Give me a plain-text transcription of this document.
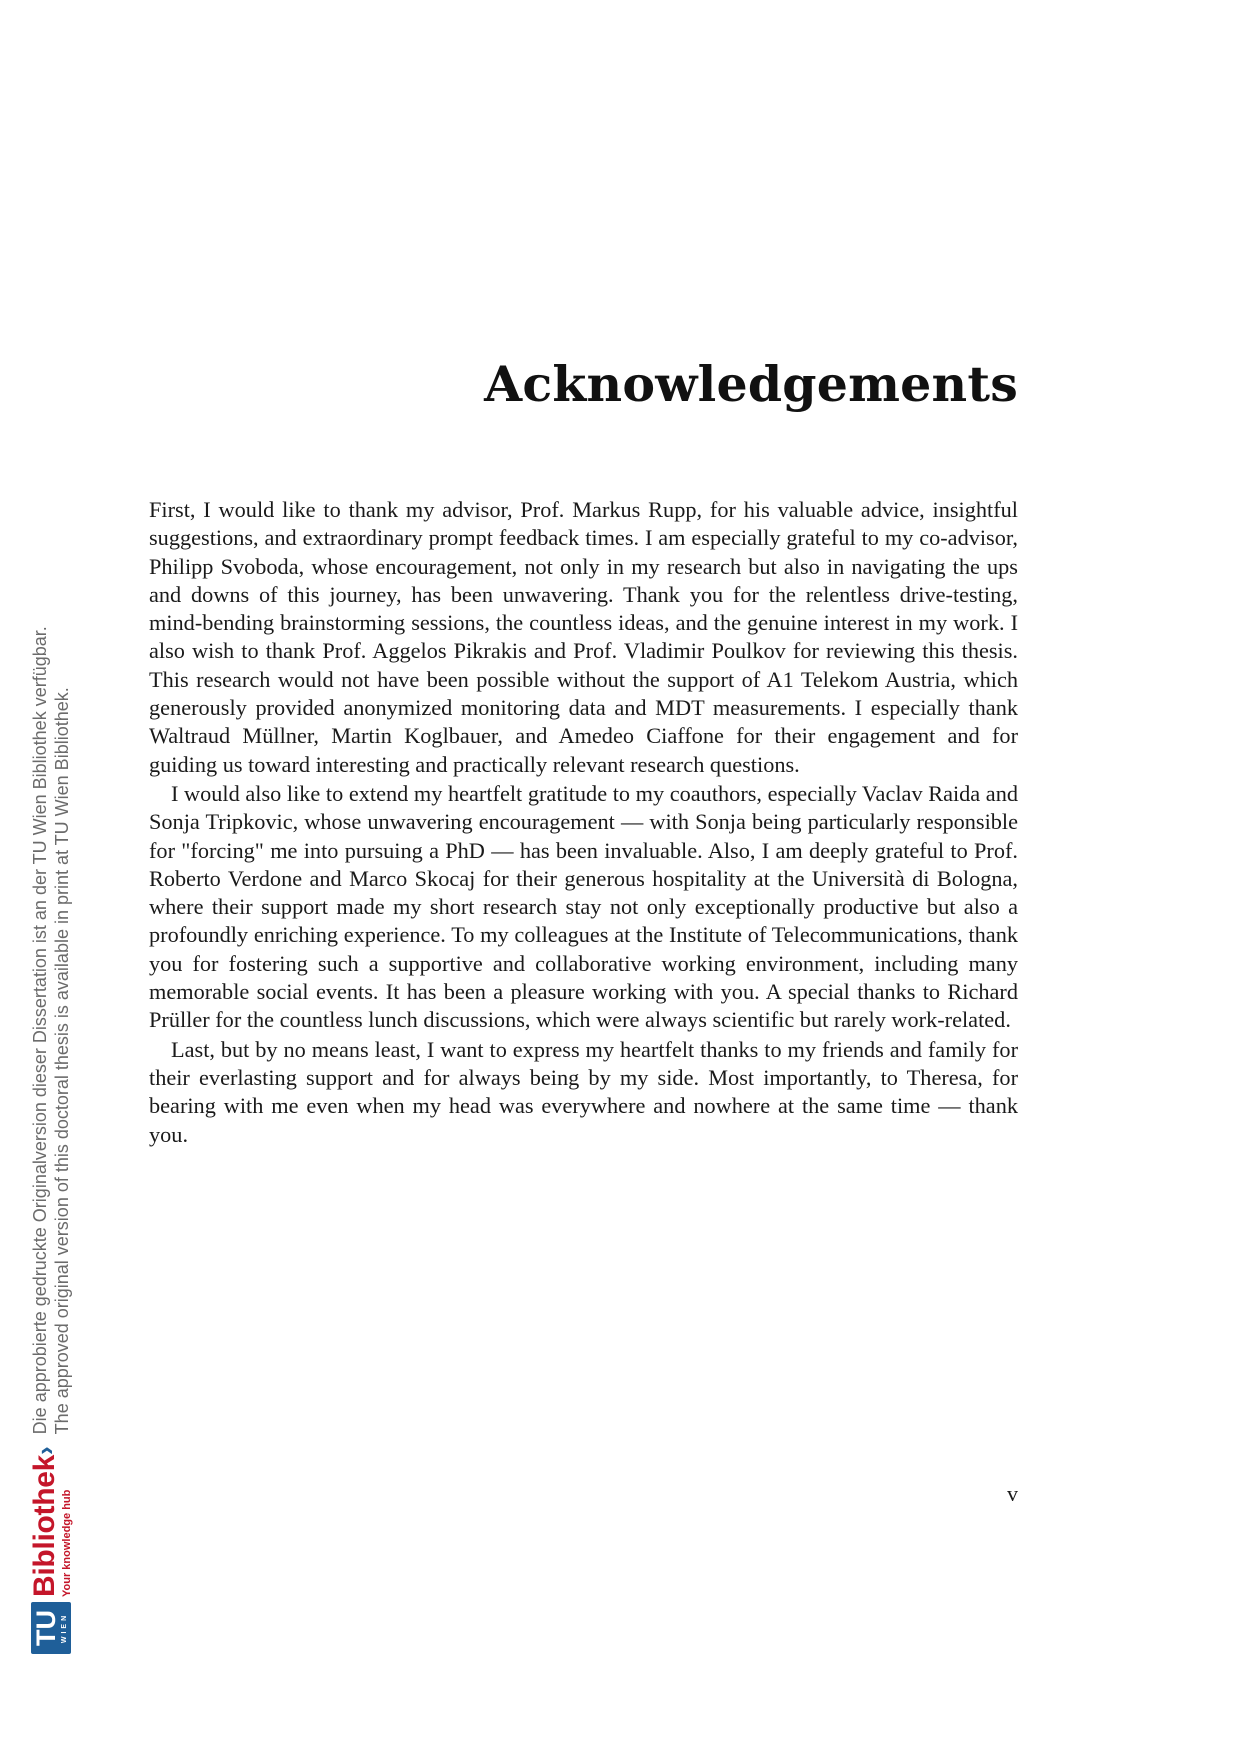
Acknowledgements

First, I would like to thank my advisor, Prof. Markus Rupp, for his valuable advice, insightful suggestions, and extraordinary prompt feedback times. I am especially grateful to my co-advisor, Philipp Svoboda, whose encouragement, not only in my research but also in navigating the ups and downs of this journey, has been unwavering. Thank you for the relentless drive-testing, mind-bending brainstorming sessions, the countless ideas, and the genuine interest in my work. I also wish to thank Prof. Aggelos Pikrakis and Prof. Vladimir Poulkov for reviewing this thesis. This research would not have been possible without the support of A1 Telekom Austria, which generously provided anonymized monitoring data and MDT measurements. I especially thank Waltraud Müllner, Martin Koglbauer, and Amedeo Ciaffone for their engagement and for guiding us toward interesting and practically relevant research questions.

I would also like to extend my heartfelt gratitude to my coauthors, especially Vaclav Raida and Sonja Tripkovic, whose unwavering encouragement — with Sonja being particularly responsible for "forcing" me into pursuing a PhD — has been invaluable. Also, I am deeply grateful to Prof. Roberto Verdone and Marco Skocaj for their generous hospitality at the Università di Bologna, where their support made my short research stay not only exceptionally productive but also a profoundly enriching experience. To my colleagues at the Institute of Telecommunications, thank you for fostering such a supportive and collaborative working environment, including many memorable social events. It has been a pleasure working with you. A special thanks to Richard Prüller for the countless lunch discussions, which were always scientific but rarely work-related.

Last, but by no means least, I want to express my heartfelt thanks to my friends and family for their everlasting support and for always being by my side. Most importantly, to Theresa, for bearing with me even when my head was everywhere and nowhere at the same time — thank you.

v
TU WIEN
Bibliothek›
Your knowledge hub
Die approbierte gedruckte Originalversion dieser Dissertation ist an der TU Wien Bibliothek verfügbar. The approved original version of this doctoral thesis is available in print at TU Wien Bibliothek.
